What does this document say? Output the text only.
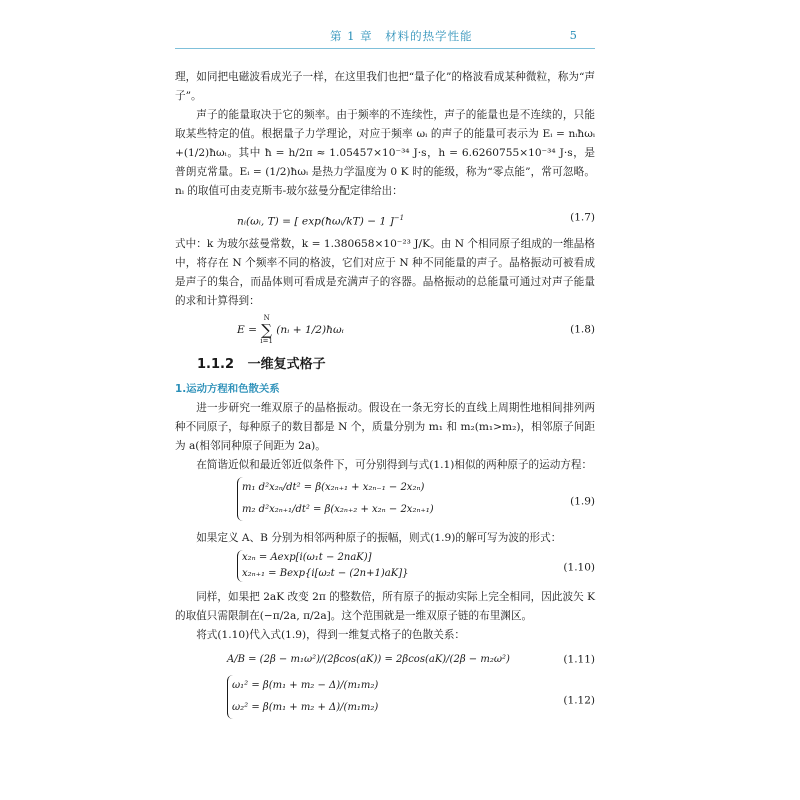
第 1 章　材料的热学性能	5

理，如同把电磁波看成光子一样，在这里我们也把“量子化”的格波看成某种微粒，称为“声子”。

声子的能量取决于它的频率。由于频率的不连续性，声子的能量也是不连续的，只能取某些特定的值。根据量子力学理论，对应于频率 ωᵢ 的声子的能量可表示为 Eᵢ = nᵢħωᵢ +(1/2)ħωᵢ。其中 ħ = h/2π ≈ 1.05457×10⁻³⁴ J·s，h = 6.6260755×10⁻³⁴ J·s，是普朗克常量。Eᵢ = (1/2)ħωᵢ 是热力学温度为 0 K 时的能级，称为“零点能”，常可忽略。nᵢ 的取值可由麦克斯韦-玻尔兹曼分配定律给出：

nᵢ(ωᵢ, T) = [ exp(ħωᵢ/kT) − 1 ]$^{-1}$	(1.7)

式中：k 为玻尔兹曼常数，k = 1.380658×10⁻²³ J/K。由 N 个相同原子组成的一维晶格中，将存在 N 个频率不同的格波，它们对应于 N 种不同能量的声子。晶格振动可被看成是声子的集合，而晶体则可看成是充满声子的容器。晶格振动的总能量可通过对声子能量的求和计算得到：

E =
N
∑
i=1
(nᵢ + 1/2)ħωᵢ	(1.8)
1.1.2 一维复式格子
1.运动方程和色散关系

进一步研究一维双原子的晶格振动。假设在一条无穷长的直线上周期性地相间排列两种不同原子，每种原子的数目都是 N 个，质量分别为 m₁ 和 m₂(m₁>m₂)，相邻原子间距为 a(相邻同种原子间距为 2a)。

在简谐近似和最近邻近似条件下，可分别得到与式(1.1)相似的两种原子的运动方程：

m₁ d²x₂ₙ/dt² = β(x₂ₙ₊₁ + x₂ₙ₋₁ − 2x₂ₙ)
m₂ d²x₂ₙ₊₁/dt² = β(x₂ₙ₊₂ + x₂ₙ − 2x₂ₙ₊₁)
(1.9)

如果定义 A、B 分别为相邻两种原子的振幅，则式(1.9)的解可写为波的形式：

x₂ₙ = Aexp[i(ω₁t − 2naK)]
x₂ₙ₊₁ = Bexp{i[ω₂t − (2n+1)aK]}	(1.10)

同样，如果把 2aK 改变 2π 的整数倍，所有原子的振动实际上完全相同，因此波矢 K 的取值只需限制在(−π/2a, π/2a]。这个范围就是一维双原子链的布里渊区。

将式(1.10)代入式(1.9)，得到一维复式格子的色散关系：

A/B = (2β − m₁ω²)/(2βcos(aK)) = 2βcos(aK)/(2β − m₂ω²)	(1.11)
ω₁² = β(m₁ + m₂ − Δ)/(m₁m₂)
ω₂² = β(m₁ + m₂ + Δ)/(m₁m₂)
(1.12)
